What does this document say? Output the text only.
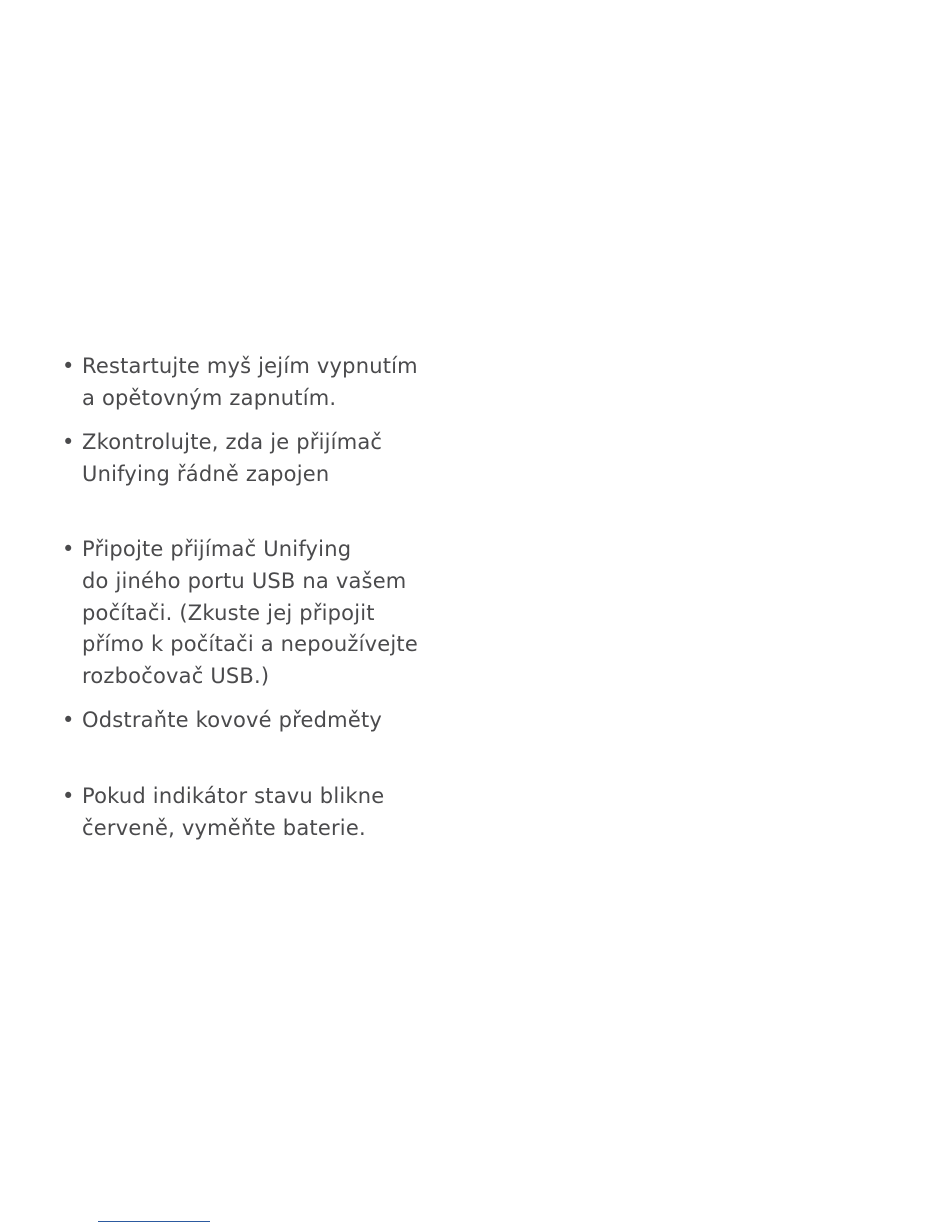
• Restartujte myš jejím vypnutím
a opětovným zapnutím.
• Zkontrolujte, zda je přijímač
Unifying řádně zapojen
• Připojte přijímač Unifying
do jiného portu USB na vašem
počítači. (Zkuste jej připojit
přímo k počítači a nepoužívejte
rozbočovač USB.)
• Odstraňte kovové předměty
• Pokud indikátor stavu blikne
červeně, vyměňte baterie.
